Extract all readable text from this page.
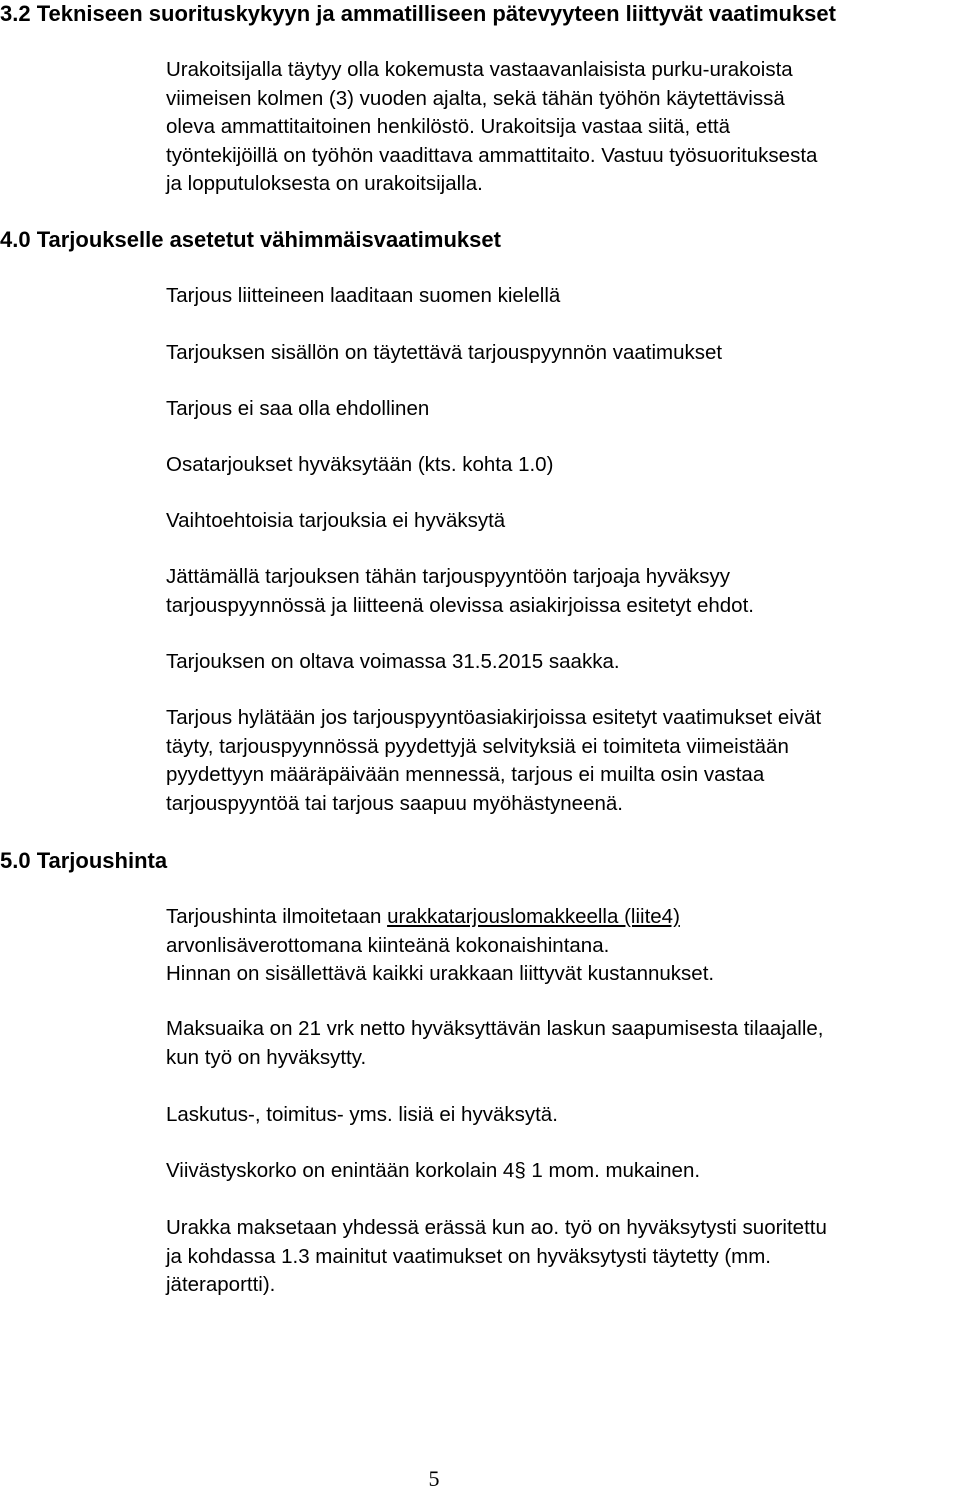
3.2 Tekniseen suorituskykyyn ja ammatilliseen pätevyyteen liittyvät vaatimukset
Urakoitsijalla täytyy olla kokemusta vastaavanlaisista purku-urakoista
viimeisen kolmen (3) vuoden ajalta, sekä tähän työhön käytettävissä
oleva ammattitaitoinen henkilöstö. Urakoitsija vastaa siitä, että
työntekijöillä on työhön vaadittava ammattitaito. Vastuu työsuorituksesta
ja lopputuloksesta on urakoitsijalla.
4.0 Tarjoukselle asetetut vähimmäisvaatimukset
Tarjous liitteineen laaditaan suomen kielellä
Tarjouksen sisällön on täytettävä tarjouspyynnön vaatimukset
Tarjous ei saa olla ehdollinen
Osatarjoukset hyväksytään (kts. kohta 1.0)
Vaihtoehtoisia tarjouksia ei hyväksytä
Jättämällä tarjouksen tähän tarjouspyyntöön tarjoaja hyväksyy
tarjouspyynnössä ja liitteenä olevissa asiakirjoissa esitetyt ehdot.
Tarjouksen on oltava voimassa 31.5.2015 saakka.
Tarjous hylätään jos tarjouspyyntöasiakirjoissa esitetyt vaatimukset eivät
täyty, tarjouspyynnössä pyydettyjä selvityksiä ei toimiteta viimeistään
pyydettyyn määräpäivään mennessä, tarjous ei muilta osin vastaa
tarjouspyyntöä tai tarjous saapuu myöhästyneenä.
5.0 Tarjoushinta
Tarjoushinta ilmoitetaan urakkatarjouslomakkeella (liite4)
arvonlisäverottomana kiinteänä kokonaishintana.
Hinnan on sisällettävä kaikki urakkaan liittyvät kustannukset.
Maksuaika on 21 vrk netto hyväksyttävän laskun saapumisesta tilaajalle,
kun työ on hyväksytty.
Laskutus-, toimitus- yms. lisiä ei hyväksytä.
Viivästyskorko on enintään korkolain 4§ 1 mom. mukainen.
Urakka maksetaan yhdessä erässä kun ao. työ on hyväksytysti suoritettu
ja kohdassa 1.3 mainitut vaatimukset on hyväksytysti täytetty (mm.
jäteraportti).
5
